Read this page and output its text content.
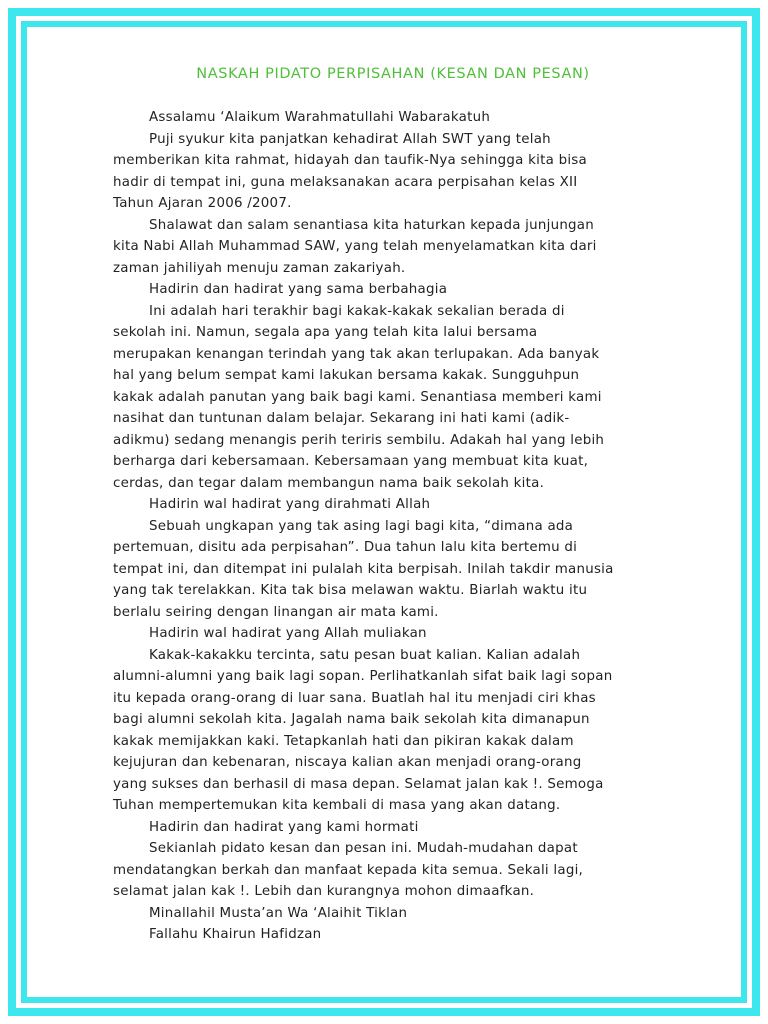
NASKAH PIDATO PERPISAHAN (KESAN DAN PESAN)
Assalamu ‘Alaikum Warahmatullahi Wabarakatuh
Puji syukur kita panjatkan kehadirat Allah SWT yang telah
memberikan kita rahmat, hidayah dan taufik-Nya sehingga kita bisa
hadir di tempat ini, guna melaksanakan acara perpisahan kelas XII
Tahun Ajaran 2006 /2007.
Shalawat dan salam senantiasa kita haturkan kepada junjungan
kita Nabi Allah Muhammad SAW, yang telah menyelamatkan kita dari
zaman jahiliyah menuju zaman zakariyah.
Hadirin dan hadirat yang sama berbahagia
Ini adalah hari terakhir bagi kakak-kakak sekalian berada di
sekolah ini. Namun, segala apa yang telah kita lalui bersama
merupakan kenangan terindah yang tak akan terlupakan. Ada banyak
hal yang belum sempat kami lakukan bersama kakak. Sungguhpun
kakak adalah panutan yang baik bagi kami. Senantiasa memberi kami
nasihat dan tuntunan dalam belajar. Sekarang ini hati kami (adik-
adikmu) sedang menangis perih teriris sembilu. Adakah hal yang lebih
berharga dari kebersamaan. Kebersamaan yang membuat kita kuat,
cerdas, dan tegar dalam membangun nama baik sekolah kita.
Hadirin wal hadirat yang dirahmati Allah
Sebuah ungkapan yang tak asing lagi bagi kita, “dimana ada
pertemuan, disitu ada perpisahan”. Dua tahun lalu kita bertemu di
tempat ini, dan ditempat ini pulalah kita berpisah. Inilah takdir manusia
yang tak terelakkan. Kita tak bisa melawan waktu. Biarlah waktu itu
berlalu seiring dengan linangan air mata kami.
Hadirin wal hadirat yang Allah muliakan
Kakak-kakakku tercinta, satu pesan buat kalian. Kalian adalah
alumni-alumni yang baik lagi sopan. Perlihatkanlah sifat baik lagi sopan
itu kepada orang-orang di luar sana. Buatlah hal itu menjadi ciri khas
bagi alumni sekolah kita. Jagalah nama baik sekolah kita dimanapun
kakak memijakkan kaki. Tetapkanlah hati dan pikiran kakak dalam
kejujuran dan kebenaran, niscaya kalian akan menjadi orang-orang
yang sukses dan berhasil di masa depan. Selamat jalan kak !. Semoga
Tuhan mempertemukan kita kembali di masa yang akan datang.
Hadirin dan hadirat yang kami hormati
Sekianlah pidato kesan dan pesan ini. Mudah-mudahan dapat
mendatangkan berkah dan manfaat kepada kita semua. Sekali lagi,
selamat jalan kak !. Lebih dan kurangnya mohon dimaafkan.
Minallahil Musta’an Wa ‘Alaihit Tiklan
Fallahu Khairun Hafidzan
